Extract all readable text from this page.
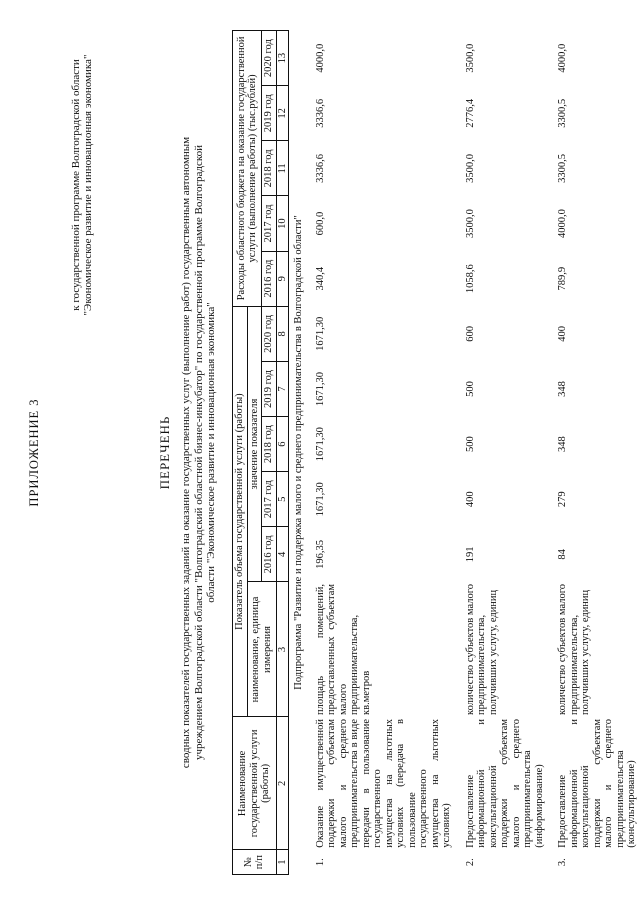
ПРИЛОЖЕНИЕ 3
к государственной программе Волгоградской области "Экономическое развитие и инновационная экономика"
ПЕРЕЧЕНЬ сводных показателей государственных заданий на оказание государственных услуг (выполнение работ) государственным автономным учреждением Волгоградской области "Волгоградский областной бизнес-инкубатор" по государственной программе Волгоградской области "Экономическое развитие и инновационная экономика"
№ п/п	Наименование государственной услуги (работы)	Показатель объема государственной услуги (работы)						Расходы областного бюджета на оказание государственной услуги (выполнение работы) (тыс.рублей)				
		наименование, единица измерения	значение показателя									
			2016 год	2017 год	2018 год	2019 год	2020 год	2016 год	2017 год	2018 год	2019 год	2020 год
1	2	3	4	5	6	7	8	9	10	11	12	13
Подпрограмма "Развитие и поддержка малого и среднего предпринимательства в Волгоградской области"												
1.	Оказание имущественной поддержки субъектам малого и среднего предпринимательства в виде передачи в пользование государственного имущества на льготных условиях (передача в пользование государственного имущества на льготных условиях)	площадь помещений, предоставленных субъектам малого предпринимательства, кв.метров	196,35	1671,30	1671,30	1671,30	1671,30	340,4	600,0	3336,6	3336,6	4000,0
2.	Предоставление информационной и консультационной поддержки субъектам малого и среднего предпринимательства (информирование)	количество субъектов малого предпринимательства, получивших услугу, единиц	191	400	500	500	600	1058,6	3500,0	3500,0	2776,4	3500,0
3.	Предоставление информационной и консультационной поддержки субъектам малого и среднего предпринимательства (консультирование)	количество субъектов малого предпринимательства, получивших услугу, единиц	84	279	348	348	400	789,9	4000,0	3300,5	3300,5	4000,0
